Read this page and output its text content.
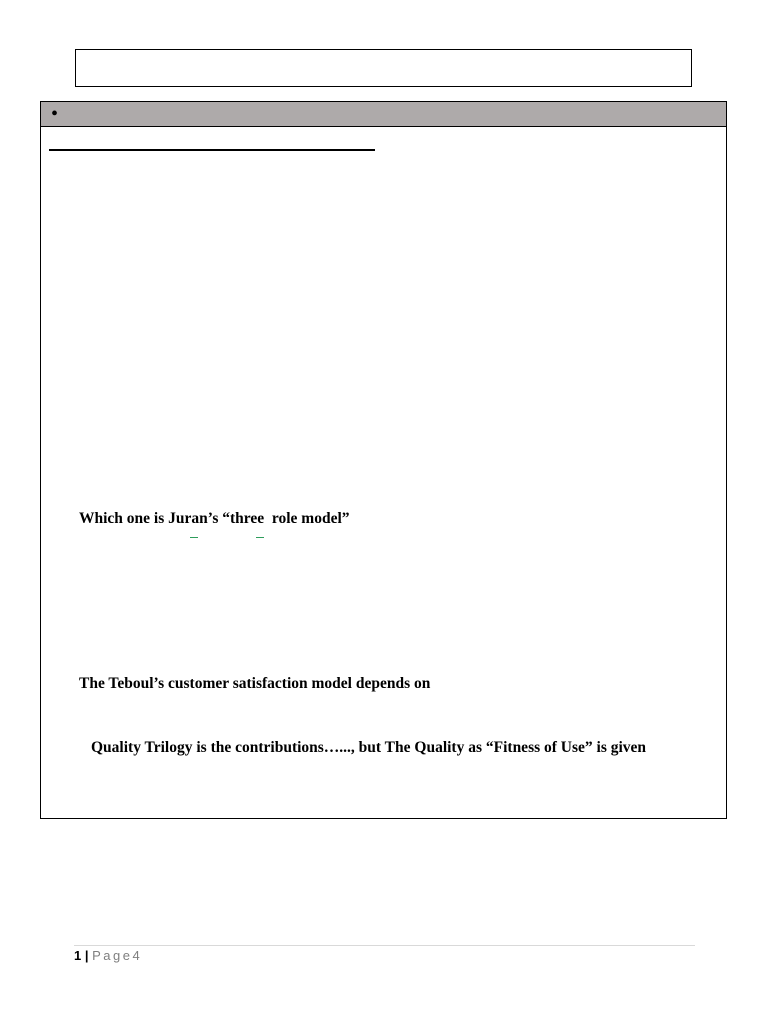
•
Which one is Juran’s “three  role model”
The Teboul’s customer satisfaction model depends on
Quality Trilogy is the contributions…..., but The Quality as “Fitness of Use” is given
1 | Page4
